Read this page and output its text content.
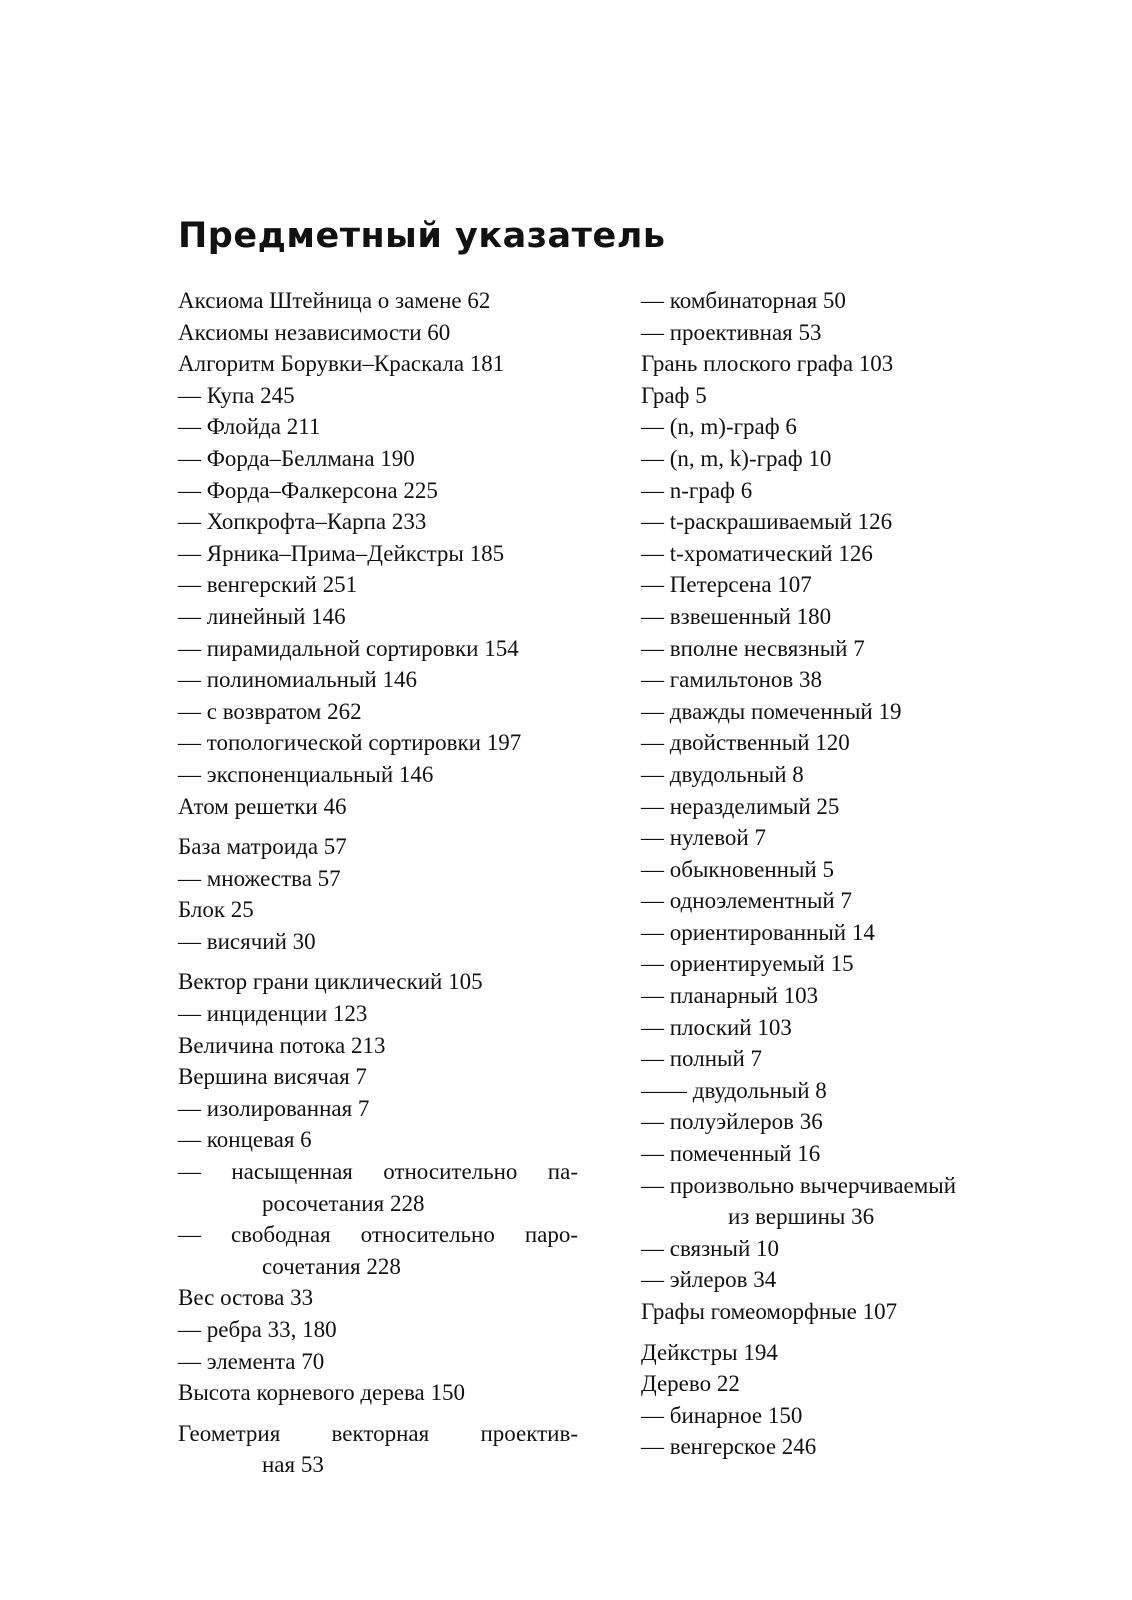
Предметный указатель
Аксиома Штейница о замене 62
Аксиомы независимости 60
Алгоритм Борувки–Краскала 181
— Купа 245
— Флойда 211
— Форда–Беллмана 190
— Форда–Фалкерсона 225
— Хопкрофта–Карпа 233
— Ярника–Прима–Дейкстры 185
— венгерский 251
— линейный 146
— пирамидальной сортировки 154
— полиномиальный 146
— с возвратом 262
— топологической сортировки 197
— экспоненциальный 146
Атом решетки 46
База матроида 57
— множества 57
Блок 25
— висячий 30
Вектор грани циклический 105
— инциденции 123
Величина потока 213
Вершина висячая 7
— изолированная 7
— концевая 6
— насыщенная относительно па-
росочетания 228
— свободная относительно паро-
сочетания 228
Вес остова 33
— ребра 33, 180
— элемента 70
Высота корневого дерева 150
Геометрия векторная проектив-
ная 53
— комбинаторная 50
— проективная 53
Грань плоского графа 103
Граф 5
— (n, m)-граф 6
— (n, m, k)-граф 10
— n-граф 6
— t-раскрашиваемый 126
— t-хроматический 126
— Петерсена 107
— взвешенный 180
— вполне несвязный 7
— гамильтонов 38
— дважды помеченный 19
— двойственный 120
— двудольный 8
— неразделимый 25
— нулевой 7
— обыкновенный 5
— одноэлементный 7
— ориентированный 14
— ориентируемый 15
— планарный 103
— плоский 103
— полный 7
—— двудольный 8
— полуэйлеров 36
— помеченный 16
— произвольно вычерчиваемый
из вершины 36
— связный 10
— эйлеров 34
Графы гомеоморфные 107
Дейкстры 194
Дерево 22
— бинарное 150
— венгерское 246
